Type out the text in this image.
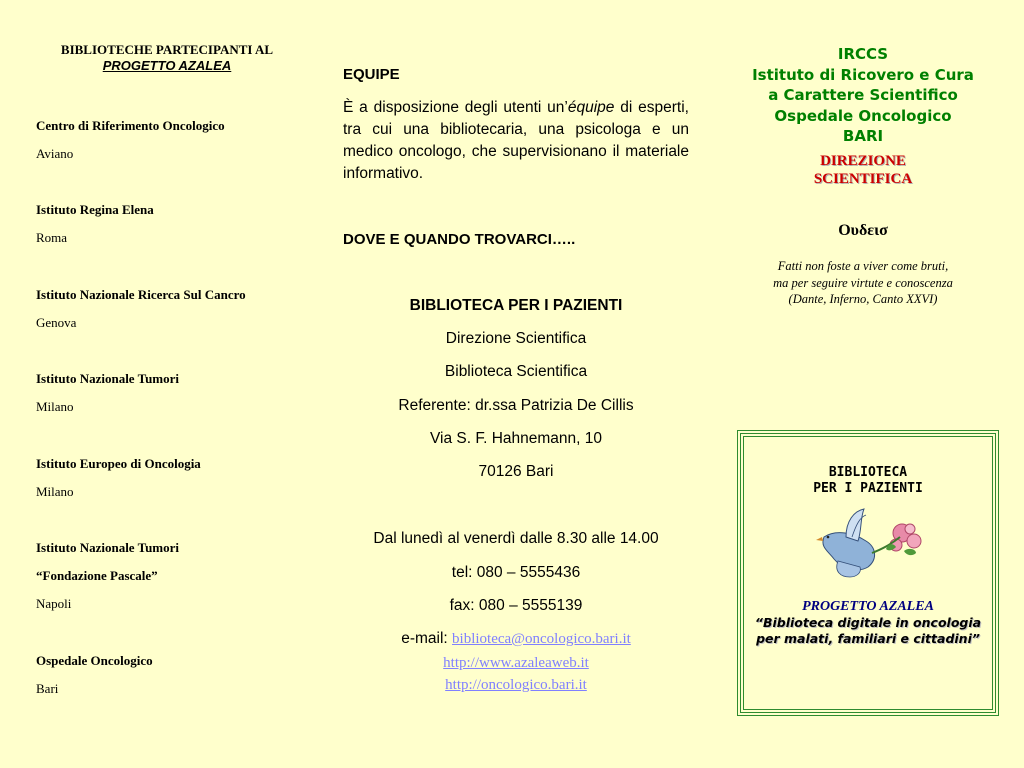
BIBLIOTECHE PARTECIPANTI AL
PROGETTO AZALEA
Centro di Riferimento Oncologico
Aviano
Istituto Regina Elena
Roma
Istituto Nazionale Ricerca Sul Cancro
Genova
Istituto Nazionale Tumori
Milano
Istituto Europeo di Oncologia
Milano
Istituto Nazionale Tumori
“Fondazione Pascale”
Napoli
Ospedale Oncologico
Bari
EQUIPE
È a disposizione degli utenti un’équipe di esperti, tra cui una bibliotecaria, una psicologa e un medico oncologo, che supervisionano il materiale informativo.
DOVE E QUANDO TROVARCI…..
BIBLIOTECA PER I PAZIENTI
Direzione Scientifica
Biblioteca Scientifica
Referente: dr.ssa Patrizia De Cillis
Via S. F. Hahnemann, 10
70126 Bari
Dal lunedì al venerdì dalle 8.30 alle 14.00
tel: 080 – 5555436
fax: 080 – 5555139
e-mail: biblioteca@oncologico.bari.it
http://www.azaleaweb.it
http://oncologico.bari.it
IRCCS
Istituto di Ricovero e Cura
a Carattere Scientifico
Ospedale Oncologico
BARI
DIREZIONE
SCIENTIFICA
Ουδεισ
Fatti non foste a viver come bruti,
ma per seguire virtute e conoscenza
(Dante, Inferno, Canto XXVI)
BIBLIOTECA
PER I PAZIENTI
PROGETTO AZALEA
“Biblioteca digitale in oncologia
per malati, familiari e cittadini”
